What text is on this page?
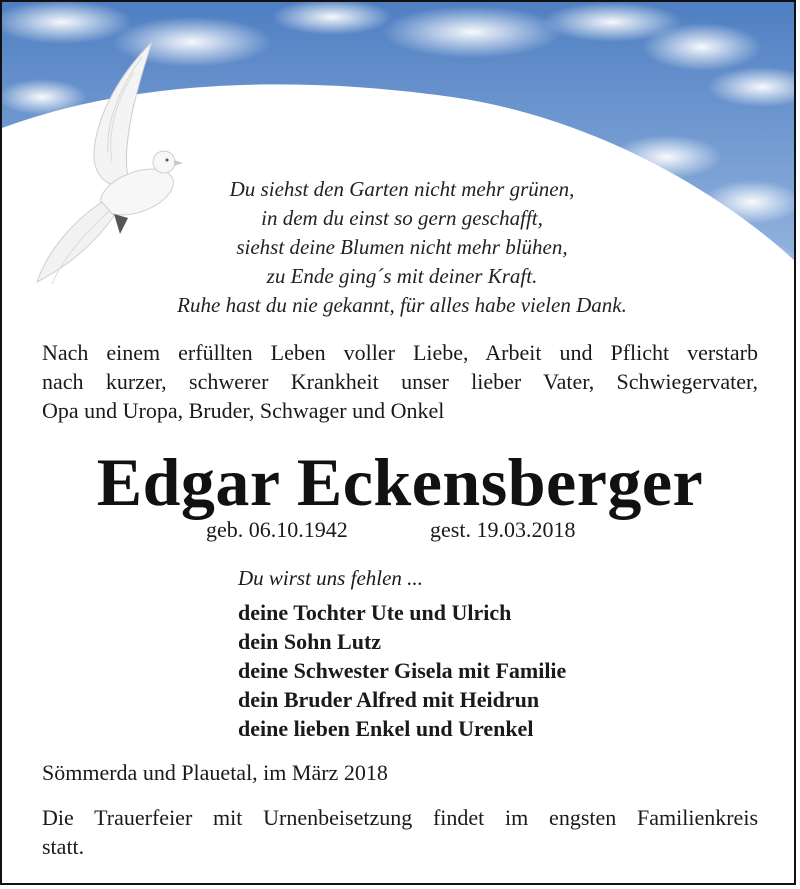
Du siehst den Garten nicht mehr grünen,
in dem du einst so gern geschafft,
siehst deine Blumen nicht mehr blühen,
zu Ende ging´s mit deiner Kraft.
Ruhe hast du nie gekannt, für alles habe vielen Dank.
Nach einem erfüllten Leben voller Liebe, Arbeit und Pflicht verstarb
nach kurzer, schwerer Krankheit unser lieber Vater, Schwiegervater,
Opa und Uropa, Bruder, Schwager und Onkel
Edgar Eckensberger
geb. 06.10.1942	gest. 19.03.2018
Du wirst uns fehlen ...
deine Tochter Ute und Ulrich
dein Sohn Lutz
deine Schwester Gisela mit Familie
dein Bruder Alfred mit Heidrun
deine lieben Enkel und Urenkel
Sömmerda und Plauetal, im März 2018
Die Trauerfeier mit Urnenbeisetzung findet im engsten Familienkreis
statt.
